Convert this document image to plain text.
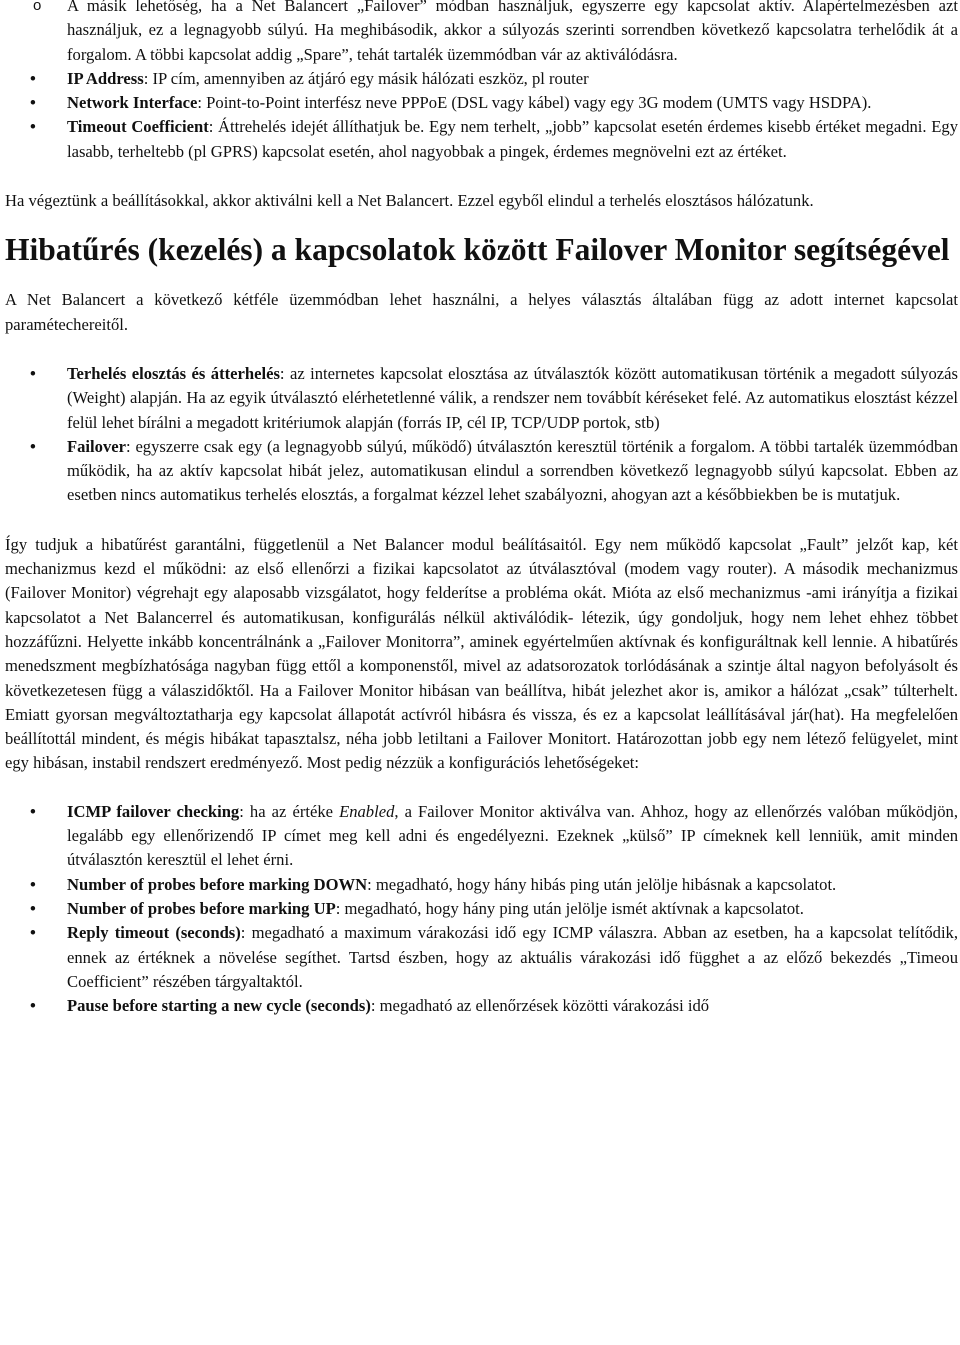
o A másik lehetőség, ha a Net Balancert „Failover” módban használjuk, egyszerre egy kapcsolat aktív. Alapértelmezésben azt használjuk, ez a legnagyobb súlyú. Ha meghibásodik, akkor a súlyozás szerinti sorrendben következő kapcsolatra terhelődik át a forgalom. A többi kapcsolat addig „Spare”, tehát tartalék üzemmódban vár az aktiválódásra.
• IP Address: IP cím, amennyiben az átjáró egy másik hálózati eszköz, pl router
• Network Interface: Point-to-Point interfész neve PPPoE (DSL vagy kábel) vagy egy 3G modem (UMTS vagy HSDPA).
• Timeout Coefficient: Áttrehelés idejét állíthatjuk be. Egy nem terhelt, „jobb” kapcsolat esetén érdemes kisebb értéket megadni. Egy lasabb, terheltebb (pl GPRS) kapcsolat esetén, ahol nagyobbak a pingek, érdemes megnövelni ezt az értéket.

Ha végeztünk a beállításokkal, akkor aktiválni kell a Net Balancert. Ezzel egyből elindul a terhelés elosztásos hálózatunk.

Hibatűrés (kezelés) a kapcsolatok között Failover Monitor segítségével

A Net Balancert a következő kétféle üzemmódban lehet használni, a helyes választás általában függ az adott internet kapcsolat paramétechereitől.

• Terhelés elosztás és átterhelés: az internetes kapcsolat elosztása az útválasztók között automatikusan történik a megadott súlyozás (Weight) alapján. Ha az egyik útválasztó elérhetetlenné válik, a rendszer nem továbbít kéréseket felé. Az automatikus elosztást kézzel felül lehet bírálni a megadott kritériumok alapján (forrás IP, cél IP, TCP/UDP portok, stb)
• Failover: egyszerre csak egy (a legnagyobb súlyú, működő) útválasztón keresztül történik a forgalom. A többi tartalék üzemmódban működik, ha az aktív kapcsolat hibát jelez, automatikusan elindul a sorrendben következő legnagyobb súlyú kapcsolat. Ebben az esetben nincs automatikus terhelés elosztás, a forgalmat kézzel lehet szabályozni, ahogyan azt a későbbiekben be is mutatjuk.

Így tudjuk a hibatűrést garantálni, függetlenül a Net Balancer modul beálításaitól. Egy nem működő kapcsolat „Fault” jelzőt kap, két mechanizmus kezd el működni: az első ellenőrzi a fizikai kapcsolatot az útválasztóval (modem vagy router). A második mechanizmus (Failover Monitor) végrehajt egy alaposabb vizsgálatot, hogy felderítse a probléma okát. Mióta az első mechanizmus -ami irányítja a fizikai kapcsolatot a Net Balancerrel és automatikusan, konfigurálás nélkül aktiválódik- létezik, úgy gondoljuk, hogy nem lehet ehhez többet hozzáfűzni. Helyette inkább koncentrálnánk a „Failover Monitorra”, aminek egyértelműen aktívnak és konfiguráltnak kell lennie. A hibatűrés menedszment megbízhatósága nagyban függ ettől a komponenstől, mivel az adatsorozatok torlódásának a szintje által nagyon befolyásolt és következetesen függ a válaszidőktől. Ha a Failover Monitor hibásan van beállítva, hibát jelezhet akor is, amikor a hálózat „csak” túlterhelt. Emiatt gyorsan megváltoztatharja egy kapcsolat állapotát actívról hibásra és vissza, és ez a kapcsolat leállításával jár(hat). Ha megfelelően beállítottál mindent, és mégis hibákat tapasztalsz, néha jobb letiltani a Failover Monitort. Határozottan jobb egy nem létező felügyelet, mint egy hibásan, instabil rendszert eredményező. Most pedig nézzük a konfigurációs lehetőségeket:

• ICMP failover checking: ha az értéke Enabled, a Failover Monitor aktiválva van. Ahhoz, hogy az ellenőrzés valóban működjön, legalább egy ellenőrizendő IP címet meg kell adni és engedélyezni. Ezeknek „külső” IP címeknek kell lenniük, amit minden útválasztón keresztül el lehet érni.
• Number of probes before marking DOWN: megadható, hogy hány hibás ping után jelölje hibásnak a kapcsolatot.
• Number of probes before marking UP: megadható, hogy hány ping után jelölje ismét aktívnak a kapcsolatot.
• Reply timeout (seconds): megadható a maximum várakozási idő egy ICMP válaszra. Abban az esetben, ha a kapcsolat telítődik, ennek az értéknek a növelése segíthet. Tartsd észben, hogy az aktuális várakozási idő függhet a az előző bekezdés „Timeou Coefficient” részében tárgyaltaktól.
• Pause before starting a new cycle (seconds): megadható az ellenőrzések közötti várakozási idő
